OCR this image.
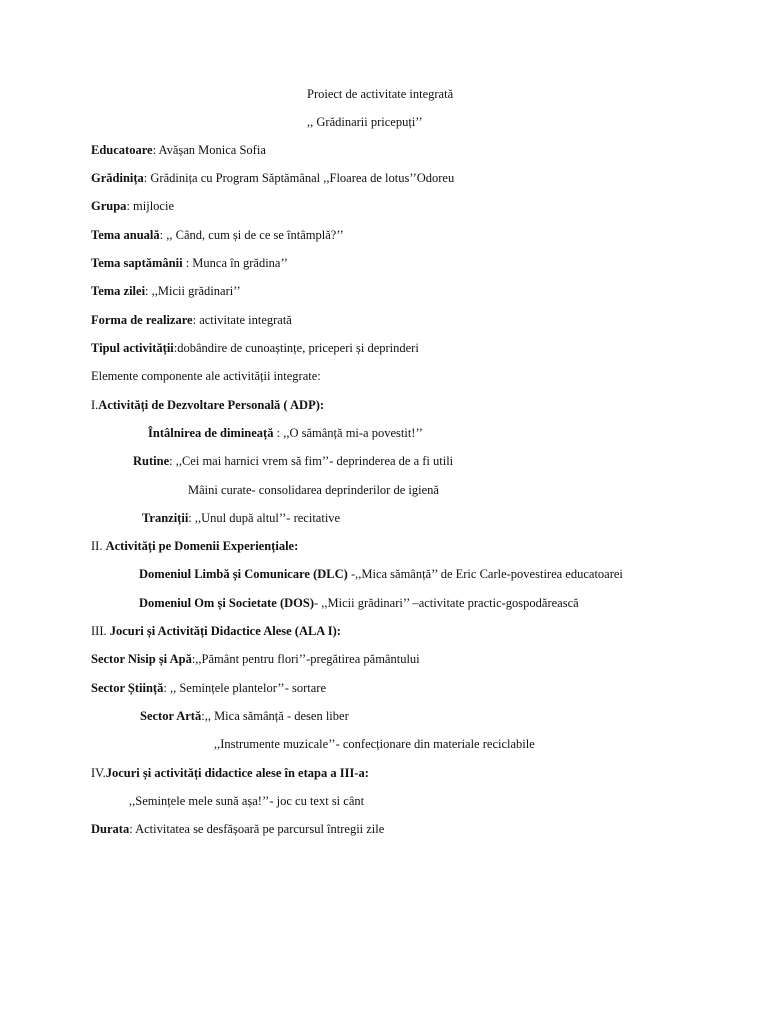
Proiect de activitate integrată
,, Grădinarii pricepuți’’
Educatoare: Avășan Monica Sofia
Grădinița: Grădinița cu Program Săptămânal ,,Floarea de lotus’’Odoreu
Grupa: mijlocie
Tema anuală: ,, Când, cum și de ce se întâmplă?’’
Tema saptămânii : Munca în grădina’’
Tema zilei: ,,Micii grădinari’’
Forma de realizare: activitate integrată
Tipul activității:dobândire de cunoaștințe, priceperi și deprinderi
Elemente componente ale activității integrate:
I.Activități de Dezvoltare Personală ( ADP):
Întâlnirea de dimineață : ,,O sămânță mi-a povestit!’’
Rutine: ,,Cei mai harnici vrem să fim’’- deprinderea de a fi utili
Mâini curate- consolidarea deprinderilor de igienă
Tranziții: ,,Unul după altul’’- recitative
II. Activități pe Domenii Experiențiale:
Domeniul Limbă și Comunicare (DLC) -,,Mica sămânță’’ de Eric Carle-povestirea educatoarei
Domeniul Om și Societate (DOS)- ,,Micii grădinari’’ –activitate practic-gospodărească
III. Jocuri și Activități Didactice Alese (ALA I):
Sector Nisip și Apă:,,Pământ pentru flori’’-pregătirea pământului
Sector Știință: ,, Semințele plantelor’’- sortare
Sector Artă:,, Mica sămânță - desen liber
,,Instrumente muzicale’’- confecționare din materiale reciclabile
IV.Jocuri și activități didactice alese în etapa a III-a:
,,Semințele mele sună așa!’’- joc cu text si cânt
Durata: Activitatea se desfășoară pe parcursul întregii zile
